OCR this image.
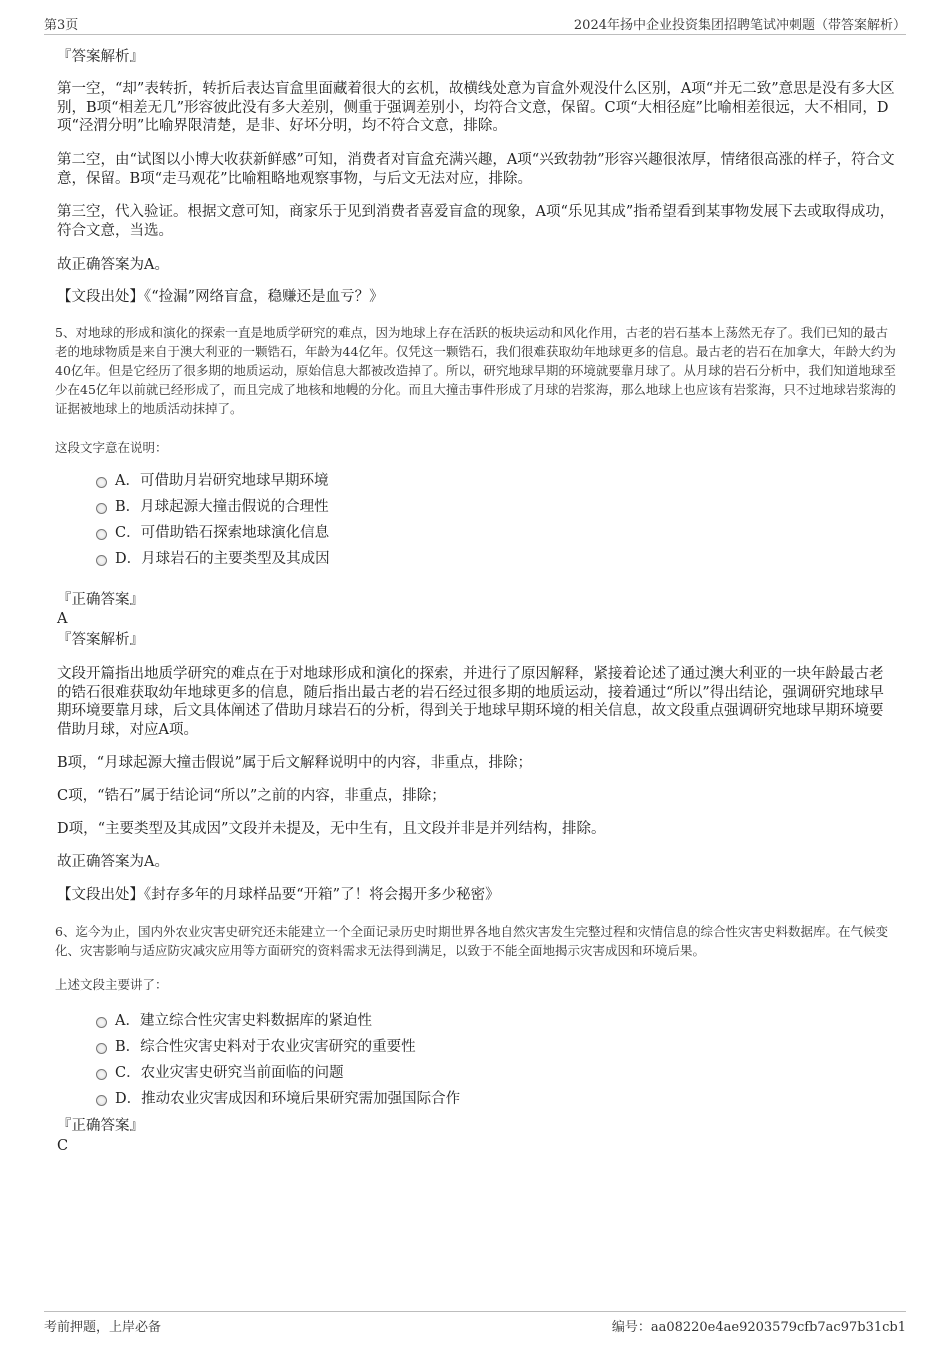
第3页	2024年扬中企业投资集团招聘笔试冲刺题（带答案解析）

『答案解析』

第一空，“却”表转折，转折后表达盲盒里面藏着很大的玄机，故横线处意为盲盒外观没什么区别，A项“并无二致”意思是没有多大区别，B项“相差无几”形容彼此没有多大差别，侧重于强调差别小，均符合文意，保留。C项“大相径庭”比喻相差很远，大不相同，D项“泾渭分明”比喻界限清楚，是非、好坏分明，均不符合文意，排除。

第二空，由“试图以小博大收获新鲜感”可知，消费者对盲盒充满兴趣，A项“兴致勃勃”形容兴趣很浓厚，情绪很高涨的样子，符合文意，保留。B项“走马观花”比喻粗略地观察事物，与后文无法对应，排除。

第三空，代入验证。根据文意可知，商家乐于见到消费者喜爱盲盒的现象，A项“乐见其成”指希望看到某事物发展下去或取得成功，符合文意，当选。

故正确答案为A。

【文段出处】《“捡漏”网络盲盒，稳赚还是血亏？》

5、对地球的形成和演化的探索一直是地质学研究的难点，因为地球上存在活跃的板块运动和风化作用，古老的岩石基本上荡然无存了。我们已知的最古老的地球物质是来自于澳大利亚的一颗锆石，年龄为44亿年。仅凭这一颗锆石，我们很难获取幼年地球更多的信息。最古老的岩石在加拿大，年龄大约为40亿年。但是它经历了很多期的地质运动，原始信息大都被改造掉了。所以，研究地球早期的环境就要靠月球了。从月球的岩石分析中，我们知道地球至少在45亿年以前就已经形成了，而且完成了地核和地幔的分化。而且大撞击事件形成了月球的岩浆海，那么地球上也应该有岩浆海，只不过地球岩浆海的证据被地球上的地质活动抹掉了。

这段文字意在说明：

A．可借助月岩研究地球早期环境
B．月球起源大撞击假说的合理性
C．可借助锆石探索地球演化信息
D．月球岩石的主要类型及其成因

『正确答案』

A

『答案解析』

文段开篇指出地质学研究的难点在于对地球形成和演化的探索，并进行了原因解释，紧接着论述了通过澳大利亚的一块年龄最古老的锆石很难获取幼年地球更多的信息，随后指出最古老的岩石经过很多期的地质运动，接着通过“所以”得出结论，强调研究地球早期环境要靠月球，后文具体阐述了借助月球岩石的分析，得到关于地球早期环境的相关信息，故文段重点强调研究地球早期环境要借助月球，对应A项。

B项，“月球起源大撞击假说”属于后文解释说明中的内容，非重点，排除；

C项，“锆石”属于结论词“所以”之前的内容，非重点，排除；

D项，“主要类型及其成因”文段并未提及，无中生有，且文段并非是并列结构，排除。

故正确答案为A。

【文段出处】《封存多年的月球样品要“开箱”了！将会揭开多少秘密》

6、迄今为止，国内外农业灾害史研究还未能建立一个全面记录历史时期世界各地自然灾害发生完整过程和灾情信息的综合性灾害史料数据库。在气候变化、灾害影响与适应防灾减灾应用等方面研究的资料需求无法得到满足，以致于不能全面地揭示灾害成因和环境后果。

上述文段主要讲了：

A．建立综合性灾害史料数据库的紧迫性
B．综合性灾害史料对于农业灾害研究的重要性
C．农业灾害史研究当前面临的问题
D．推动农业灾害成因和环境后果研究需加强国际合作

『正确答案』

C

考前押题，上岸必备	编号：aa08220e4ae9203579cfb7ac97b31cb1
